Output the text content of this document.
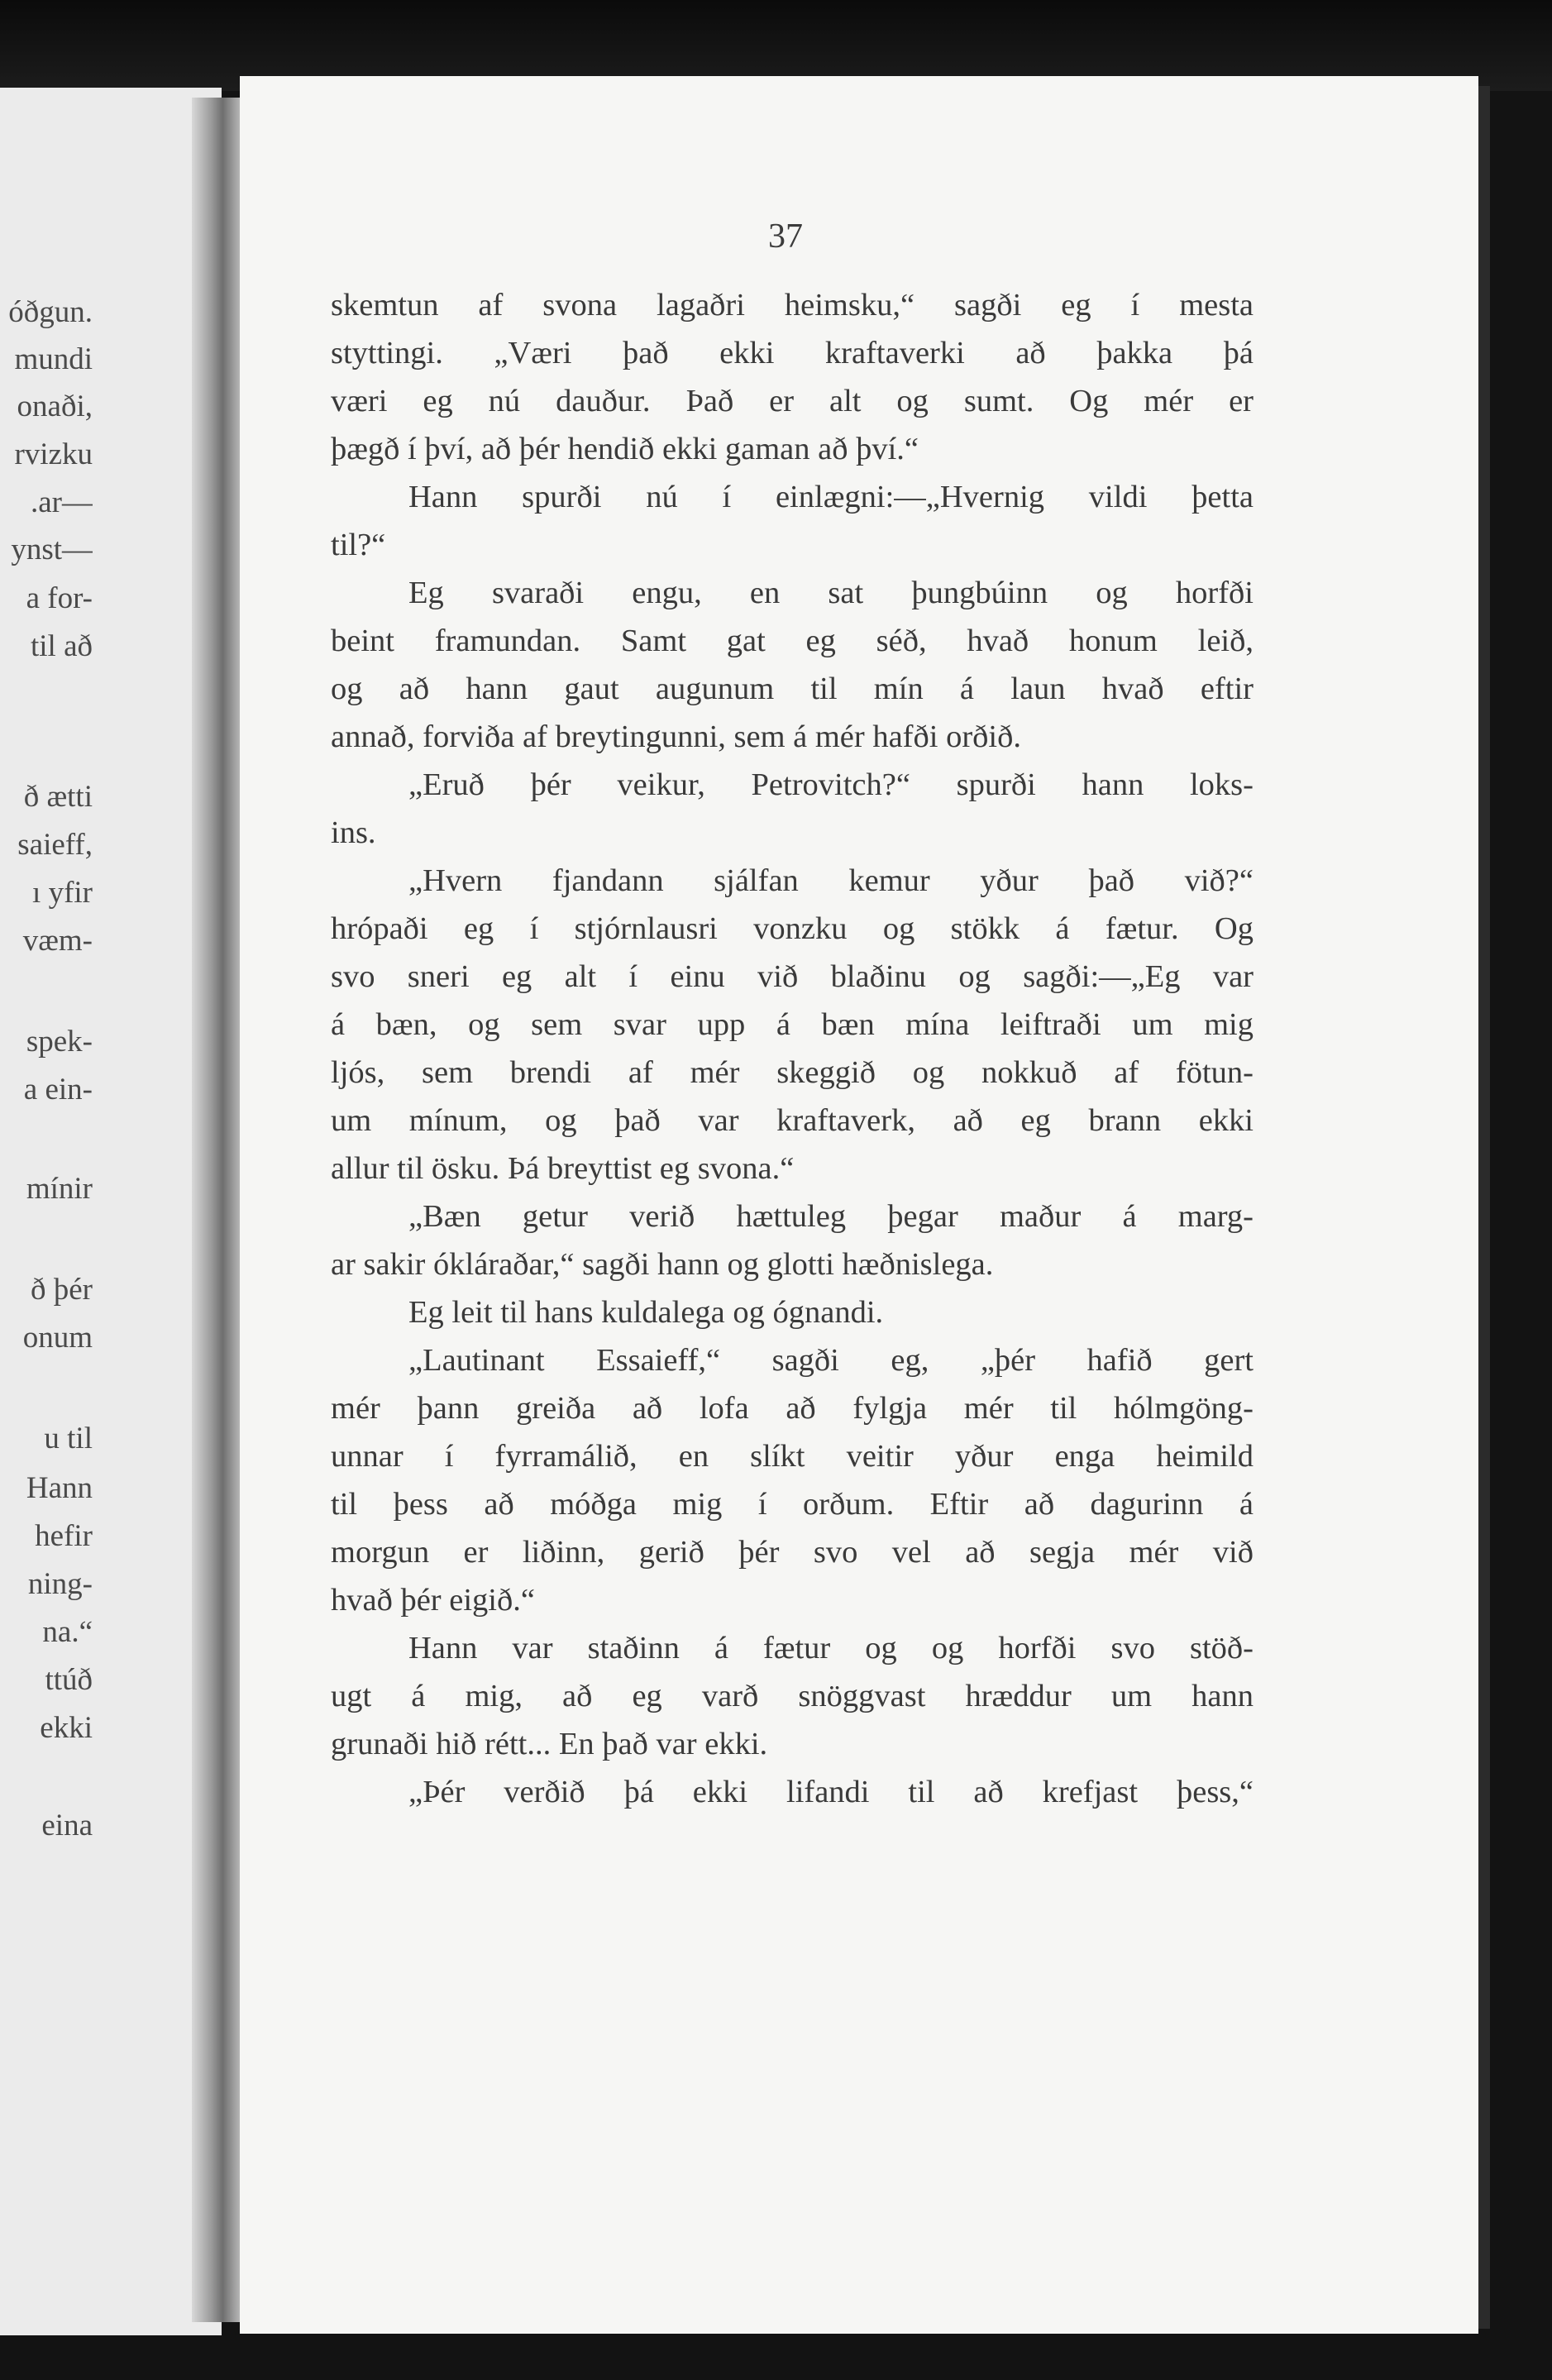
óðgun.
mundi
onaði,
rvizku
.ar—
ynst—
a for-
til að
ð ætti
saieff,
ı yfir
væm-
spek-
a ein-
mínir
ð þér
onum
u til
Hann
hefir
ning-
na.“
ttúð
ekki
eina
37
skemtun af svona lagaðri heimsku,“ sagði eg í mesta
styttingi. „Væri það ekki kraftaverki að þakka þá
væri eg nú dauður. Það er alt og sumt. Og mér er
þægð í því, að þér hendið ekki gaman að því.“
Hann spurði nú í einlægni:—„Hvernig vildi þetta
til?“
Eg svaraði engu, en sat þungbúinn og horfði
beint framundan. Samt gat eg séð, hvað honum leið,
og að hann gaut augunum til mín á laun hvað eftir
annað, forviða af breytingunni, sem á mér hafði orðið.
„Eruð þér veikur, Petrovitch?“ spurði hann loks-
ins.
„Hvern fjandann sjálfan kemur yður það við?“
hrópaði eg í stjórnlausri vonzku og stökk á fætur. Og
svo sneri eg alt í einu við blaðinu og sagði:—„Eg var
á bæn, og sem svar upp á bæn mína leiftraði um mig
ljós, sem brendi af mér skeggið og nokkuð af fötun-
um mínum, og það var kraftaverk, að eg brann ekki
allur til ösku. Þá breyttist eg svona.“
„Bæn getur verið hættuleg þegar maður á marg-
ar sakir ókláraðar,“ sagði hann og glotti hæðnislega.
Eg leit til hans kuldalega og ógnandi.
„Lautinant Essaieff,“ sagði eg, „þér hafið gert
mér þann greiða að lofa að fylgja mér til hólmgöng-
unnar í fyrramálið, en slíkt veitir yður enga heimild
til þess að móðga mig í orðum. Eftir að dagurinn á
morgun er liðinn, gerið þér svo vel að segja mér við
hvað þér eigið.“
Hann var staðinn á fætur og og horfði svo stöð-
ugt á mig, að eg varð snöggvast hræddur um hann
grunaði hið rétt... En það var ekki.
„Þér verðið þá ekki lifandi til að krefjast þess,“
